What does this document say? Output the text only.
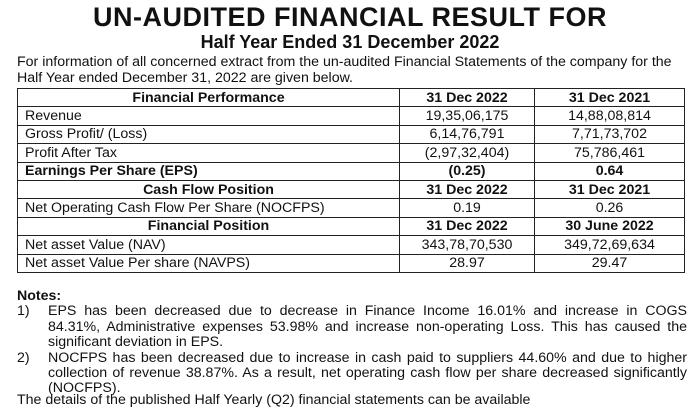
UN-AUDITED FINANCIAL RESULT FOR
Half Year Ended 31 December 2022
For information of all concerned extract from the un-audited Financial Statements of the company for the Half Year ended December 31, 2022 are given below.
Financial Performance	31 Dec 2022	31 Dec 2021
Revenue	19,35,06,175	14,88,08,814
Gross Profit/ (Loss)	6,14,76,791	7,71,73,702
Profit After Tax	(2,97,32,404)	75,786,461
Earnings Per Share (EPS)	(0.25)	0.64
Cash Flow Position	31 Dec 2022	31 Dec 2021
Net Operating Cash Flow Per Share (NOCFPS)	0.19	0.26
Financial Position	31 Dec 2022	30 June 2022
Net asset Value (NAV)	343,78,70,530	349,72,69,634
Net asset Value Per share (NAVPS)	28.97	29.47
Notes:
1)	EPS has been decreased due to decrease in Finance Income 16.01% and increase in COGS 84.31%, Administrative expenses 53.98% and increase non-operating Loss. This has caused the significant deviation in EPS.
2)	NOCFPS has been decreased due to increase in cash paid to suppliers 44.60% and due to higher collection of revenue 38.87%. As a result, net operating cash flow per share decreased significantly (NOCFPS).
The details of the published Half Yearly (Q2) financial statements can be available
